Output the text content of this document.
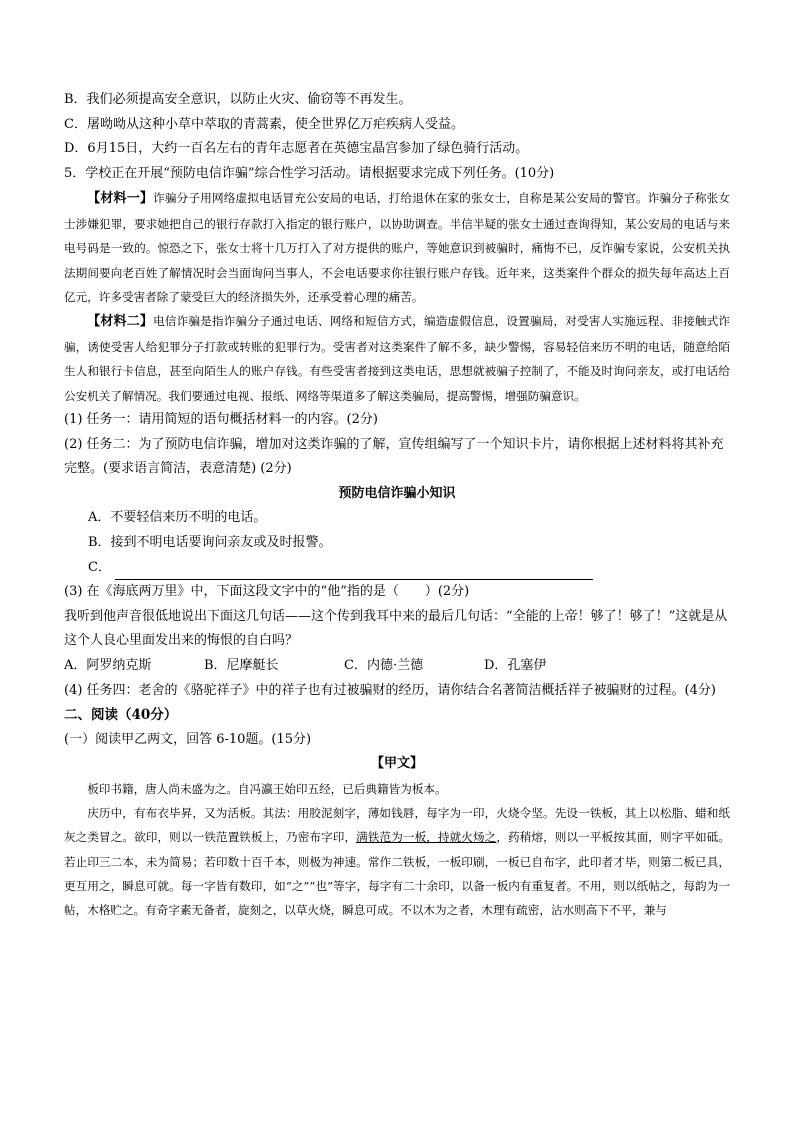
B．我们必须提高安全意识，以防止火灾、偷窃等不再发生。
C．屠呦呦从这种小草中萃取的青蒿素，使全世界亿万疟疾病人受益。
D．6月15日，大约一百名左右的青年志愿者在英德宝晶宫参加了绿色骑行活动。
5．学校正在开展“预防电信诈骗”综合性学习活动。请根据要求完成下列任务。(10分)
【材料一】诈骗分子用网络虚拟电话冒充公安局的电话，打给退休在家的张女士，自称是某公安局的警官。诈骗分子称张女士涉嫌犯罪，要求她把自己的银行存款打入指定的银行账户，以协助调查。半信半疑的张女士通过查询得知，某公安局的电话与来电号码是一致的。惊恐之下，张女士将十几万打入了对方提供的账户，等她意识到被骗时，痛悔不已，反诈骗专家说，公安机关执法期间要向老百姓了解情况时会当面询问当事人，不会电话要求你往银行账户存钱。近年来，这类案件个群众的损失每年高达上百亿元，许多受害者除了蒙受巨大的经济损失外，还承受着心理的痛苦。
【材料二】电信诈骗是指诈骗分子通过电话、网络和短信方式，编造虚假信息，设置骗局，对受害人实施远程、非接触式诈骗，诱使受害人给犯罪分子打款或转账的犯罪行为。受害者对这类案件了解不多，缺少警惕，容易轻信来历不明的电话，随意给陌生人和银行卡信息，甚至向陌生人的账户存钱。有些受害者接到这类电话，思想就被骗子控制了，不能及时询问亲友，或打电话给公安机关了解情况。我们要通过电视、报纸、网络等渠道多了解这类骗局，提高警惕，增强防骗意识。
(1) 任务一：请用简短的语句概括材料一的内容。(2分)
(2) 任务二：为了预防电信诈骗，增加对这类诈骗的了解，宣传组编写了一个知识卡片，请你根据上述材料将其补充完整。(要求语言简洁，表意清楚) (2分)
预防电信诈骗小知识
A．不要轻信来历不明的电话。
B．接到不明电话要询问亲友或及时报警。
C．
(3) 在《海底两万里》中，下面这段文字中的“他”指的是（　　）(2分)
我听到他声音很低地说出下面这几句话——这个传到我耳中来的最后几句话：“全能的上帝！够了！够了！”这就是从这个人良心里面发出来的悔恨的自白吗？
A．阿罗纳克斯	B．尼摩艇长	C．内德·兰德	D．孔塞伊
(4) 任务四：老舍的《骆驼祥子》中的祥子也有过被骗财的经历，请你结合名著简洁概括祥子被骗财的过程。(4分)
二、阅读（40分）
(一）阅读甲乙两文，回答 6-10题。(15分)
【甲文】
板印书籍，唐人尚未盛为之。自冯瀛王始印五经，已后典籍皆为板本。
庆历中，有布衣毕昇，又为活板。其法：用胶泥刻字，薄如钱唇，每字为一印，火烧令坚。先设一铁板，其上以松脂、蜡和纸灰之类冒之。欲印，则以一铁范置铁板上，乃密布字印，满铁范为一板，持就火炀之，药稍熔，则以一平板按其面，则字平如砥。若止印三二本，未为简易；若印数十百千本，则极为神速。常作二铁板，一板印刷，一板已自布字，此印者才毕，则第二板已具，更互用之，瞬息可就。每一字皆有数印，如“之”“也”等字，每字有二十余印，以备一板内有重复者。不用，则以纸帖之，每韵为一帖，木格贮之。有奇字素无备者，旋刻之，以草火烧，瞬息可成。不以木为之者，木理有疏密，沾水则高下不平，兼与
